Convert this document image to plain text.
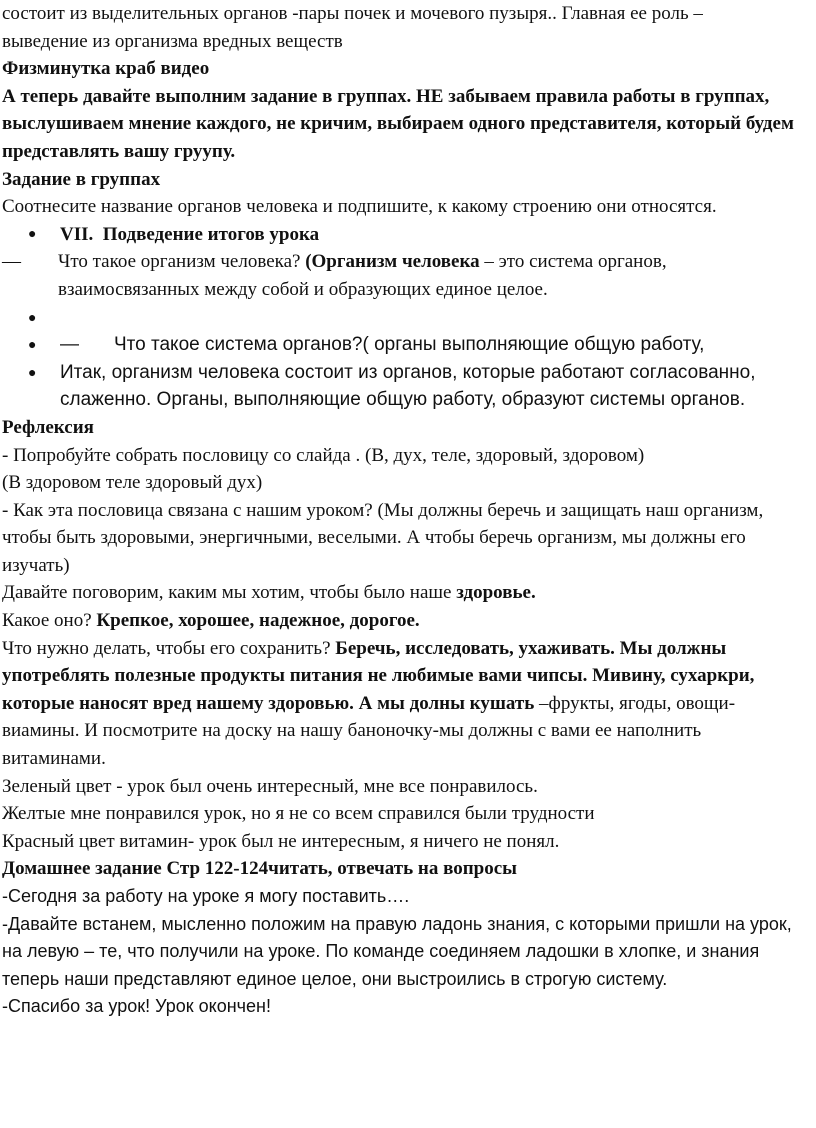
состоит из выделительных органов -пары почек и мочевого пузыря.. Главная ее роль –
выведение из организма вредных веществ

Физминутка краб видео

А теперь давайте выполним задание в группах. НЕ забываем правила работы в группах, выслушиваем мнение каждого, не кричим, выбираем одного представителя, который будем представлять вашу груупу.

Задание в группах

Соотнесите название органов человека и подпишите, к какому строению они относятся.

● VII. Подведение итогов урока

—	Что такое организм человека? (Организм человека – это система органов, взаимосвязанных между собой и образующих единое целое.

●

● — Что такое система органов?( органы выполняющие общую работу,
● Итак, организм человека состоит из органов, которые работают согласованно, слаженно. Органы, выполняющие общую работу, образуют системы органов.

Рефлексия

- Попробуйте собрать пословицу со слайда . (В, дух, теле, здоровый, здоровом)

(В здоровом теле здоровый дух)

- Как эта пословица связана с нашим уроком? (Мы должны беречь и защищать наш организм, чтобы быть здоровыми, энергичными, веселыми. А чтобы беречь организм, мы должны его изучать)

Давайте поговорим, каким мы хотим, чтобы было наше здоровье.

Какое оно? Крепкое, хорошее, надежное, дорогое.

Что нужно делать, чтобы его сохранить? Беречь, исследовать, ухаживать. Мы должны употреблять полезные продукты питания не любимые вами чипсы. Мивину, сухаркри, которые наносят вред нашему здоровью. А мы долны кушать –фрукты, ягоды, овощи-виамины. И посмотрите на доску на нашу баноночку-мы должны с вами ее наполнить витаминами.

Зеленый цвет - урок был очень интересный, мне все понравилось.

Желтые мне понравился урок, но я не со всем справился были трудности

Красный цвет витамин- урок был не интересным, я ничего не понял.

Домашнее задание Стр 122-124читать, отвечать на вопросы

-Сегодня за работу на уроке я могу поставить….

-Давайте встанем, мысленно положим на правую ладонь знания, с которыми пришли на урок, на левую – те, что получили на уроке. По команде соединяем ладошки в хлопке, и знания теперь наши представляют единое целое, они выстроились в строгую систему.

-Спасибо за урок! Урок окончен!
